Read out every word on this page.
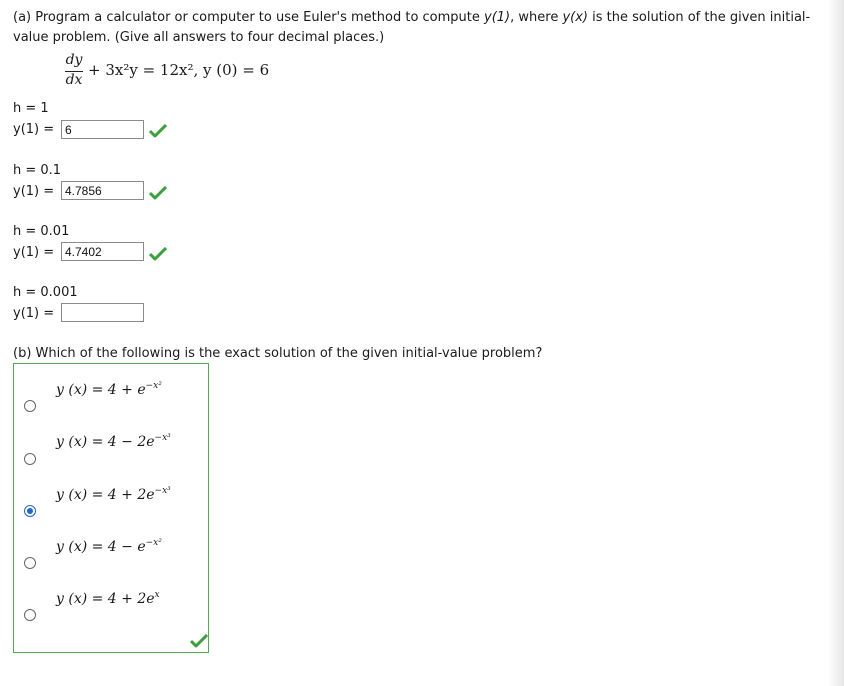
(a) Program a calculator or computer to use Euler's method to compute y(1), where y(x) is the solution of the given initial-value problem. (Give all answers to four decimal places.)
dy
dx
+ 3x²y = 12x², y (0) = 6
h = 1
y(1) = 6
h = 0.1
y(1) = 4.7856
h = 0.01
y(1) = 4.7402
h = 0.001
y(1) =
(b) Which of the following is the exact solution of the given initial-value problem?
y $(x) = 4 + e^{-x^2}$
y $(x) = 4 - 2e^{-x^3}$
y $(x) = 4 + 2e^{-x^3}$
y $(x) = 4 - e^{-x^2}$
y $(x) = 4 + 2e^x$
